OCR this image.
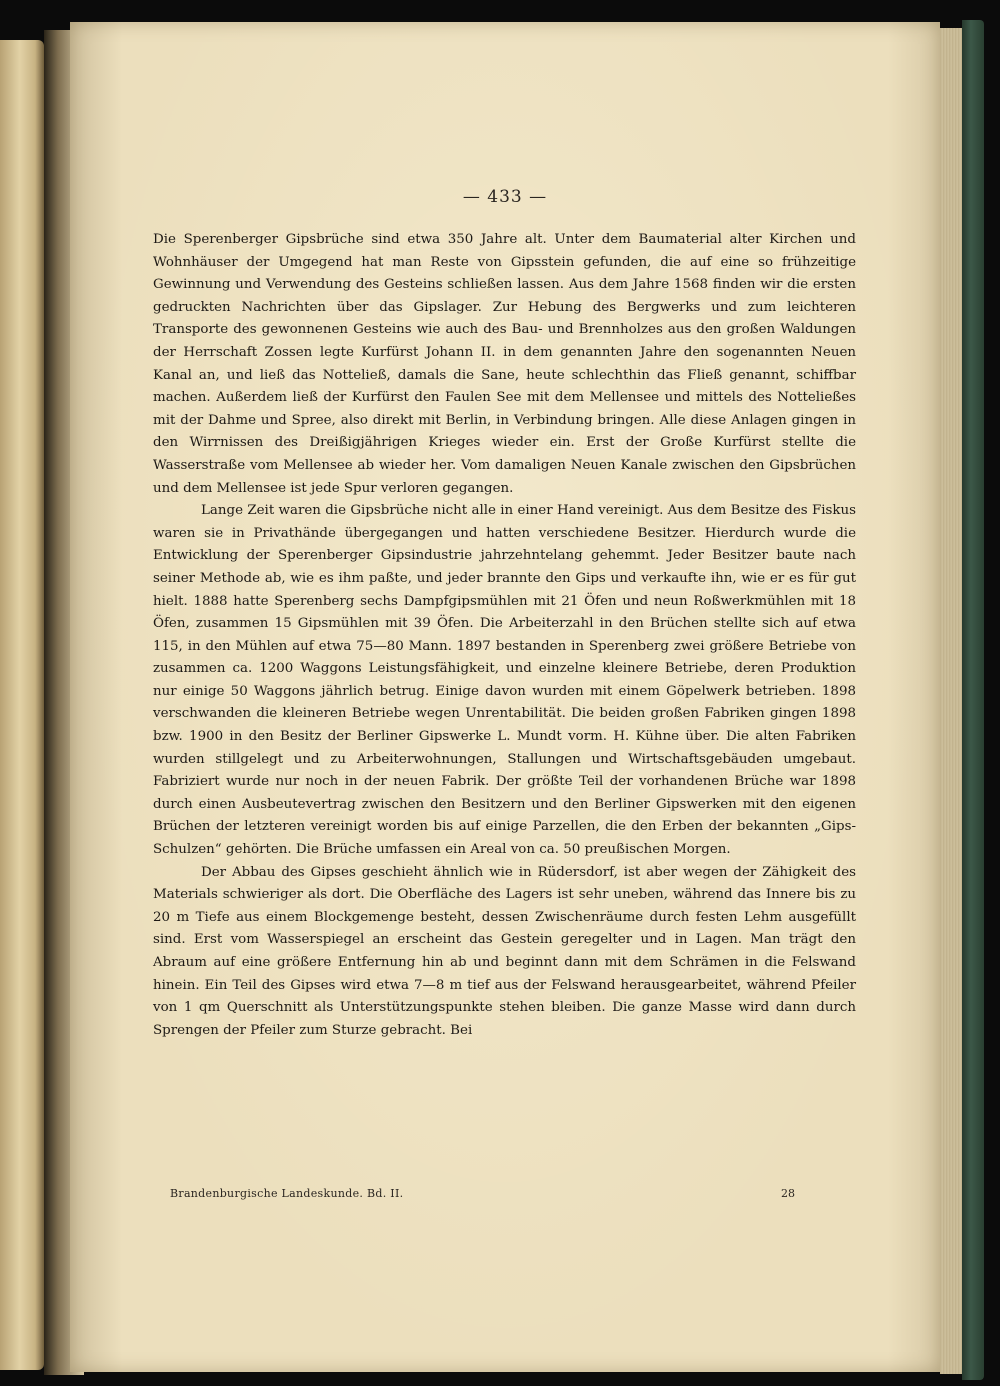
— 433 —

Die Sperenberger Gipsbrüche sind etwa 350 Jahre alt. Unter dem Baumaterial alter Kirchen und Wohnhäuser der Umgegend hat man Reste von Gipsstein gefunden, die auf eine so frühzeitige Gewinnung und Verwendung des Gesteins schließen lassen. Aus dem Jahre 1568 finden wir die ersten gedruckten Nachrichten über das Gipslager. Zur Hebung des Bergwerks und zum leichteren Transporte des gewonnenen Gesteins wie auch des Bau- und Brennholzes aus den großen Waldungen der Herrschaft Zossen legte Kurfürst Johann II. in dem genannten Jahre den sogenannten Neuen Kanal an, und ließ das Notteließ, damals die Sane, heute schlechthin das Fließ genannt, schiffbar machen. Außerdem ließ der Kurfürst den Faulen See mit dem Mellensee und mittels des Notteließes mit der Dahme und Spree, also direkt mit Berlin, in Verbindung bringen. Alle diese Anlagen gingen in den Wirrnissen des Dreißigjährigen Krieges wieder ein. Erst der Große Kurfürst stellte die Wasserstraße vom Mellensee ab wieder her. Vom damaligen Neuen Kanale zwischen den Gipsbrüchen und dem Mellensee ist jede Spur verloren gegangen.

Lange Zeit waren die Gipsbrüche nicht alle in einer Hand vereinigt. Aus dem Besitze des Fiskus waren sie in Privathände übergegangen und hatten verschiedene Besitzer. Hierdurch wurde die Entwicklung der Sperenberger Gipsindustrie jahrzehntelang gehemmt. Jeder Besitzer baute nach seiner Methode ab, wie es ihm paßte, und jeder brannte den Gips und verkaufte ihn, wie er es für gut hielt. 1888 hatte Sperenberg sechs Dampfgipsmühlen mit 21 Öfen und neun Roßwerkmühlen mit 18 Öfen, zusammen 15 Gipsmühlen mit 39 Öfen. Die Arbeiterzahl in den Brüchen stellte sich auf etwa 115, in den Mühlen auf etwa 75—80 Mann. 1897 bestanden in Sperenberg zwei größere Betriebe von zusammen ca. 1200 Waggons Leistungsfähigkeit, und einzelne kleinere Betriebe, deren Produktion nur einige 50 Waggons jährlich betrug. Einige davon wurden mit einem Göpelwerk betrieben. 1898 verschwanden die kleineren Betriebe wegen Unrentabilität. Die beiden großen Fabriken gingen 1898 bzw. 1900 in den Besitz der Berliner Gipswerke L. Mundt vorm. H. Kühne über. Die alten Fabriken wurden stillgelegt und zu Arbeiterwohnungen, Stallungen und Wirtschaftsgebäuden umgebaut. Fabriziert wurde nur noch in der neuen Fabrik. Der größte Teil der vorhandenen Brüche war 1898 durch einen Ausbeutevertrag zwischen den Besitzern und den Berliner Gipswerken mit den eigenen Brüchen der letzteren vereinigt worden bis auf einige Parzellen, die den Erben der bekannten „Gips-Schulzen“ gehörten. Die Brüche umfassen ein Areal von ca. 50 preußischen Morgen.

Der Abbau des Gipses geschieht ähnlich wie in Rüdersdorf, ist aber wegen der Zähigkeit des Materials schwieriger als dort. Die Oberfläche des Lagers ist sehr uneben, während das Innere bis zu 20 m Tiefe aus einem Blockgemenge besteht, dessen Zwischenräume durch festen Lehm ausgefüllt sind. Erst vom Wasserspiegel an erscheint das Gestein geregelter und in Lagen. Man trägt den Abraum auf eine größere Entfernung hin ab und beginnt dann mit dem Schrämen in die Felswand hinein. Ein Teil des Gipses wird etwa 7—8 m tief aus der Felswand herausgearbeitet, während Pfeiler von 1 qm Querschnitt als Unterstützungspunkte stehen bleiben. Die ganze Masse wird dann durch Sprengen der Pfeiler zum Sturze gebracht. Bei

Brandenburgische Landeskunde. Bd. II.	28
